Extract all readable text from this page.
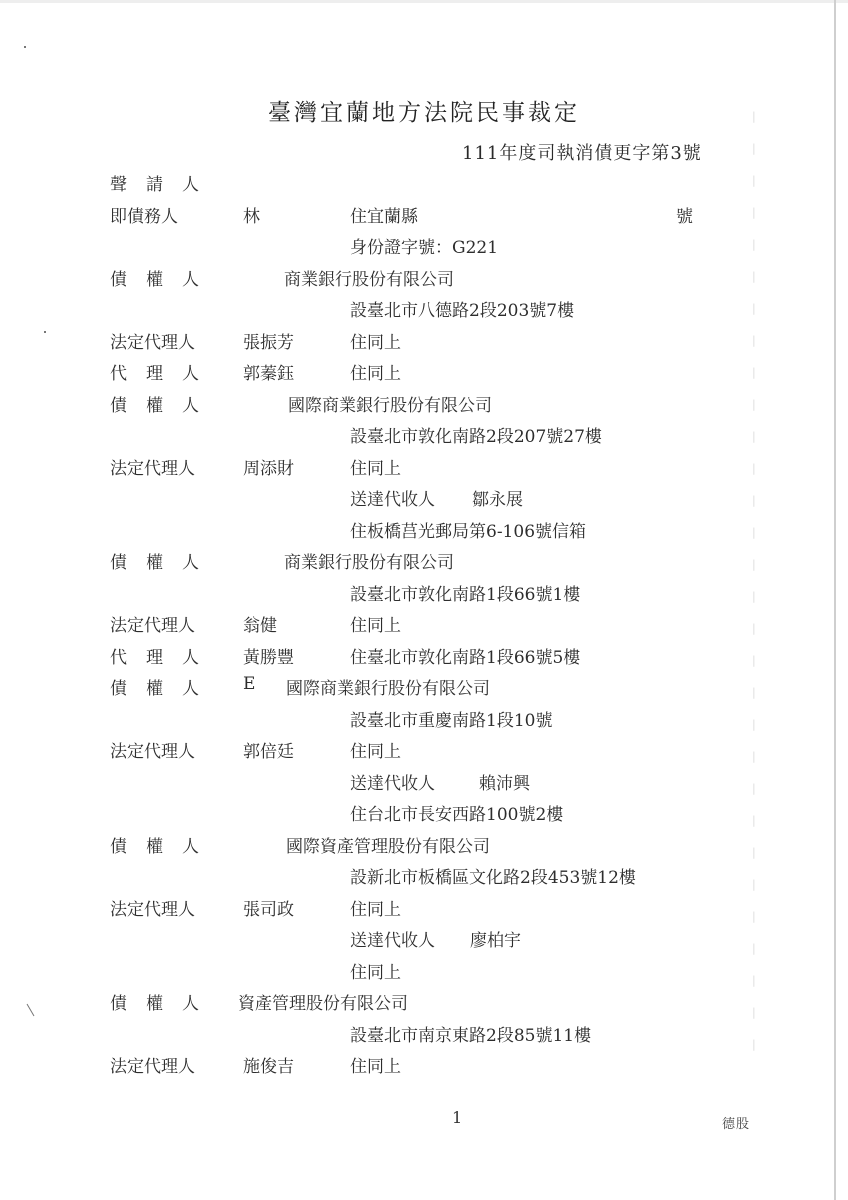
臺灣宜蘭地方法院民事裁定
111年度司執消債更字第3號
聲請人
即債務人	林	住宜蘭縣	號
身份證字號：G221
債權人	商業銀行股份有限公司
設臺北市八德路2段203號7樓
法定代理人	張振芳	住同上
代理人 郭蓁鈺	住同上
債權人	國際商業銀行股份有限公司
設臺北市敦化南路2段207號27樓
法定代理人	周添財	住同上
送達代收人 鄒永展
住板橋莒光郵局第6-106號信箱
債權人	商業銀行股份有限公司
設臺北市敦化南路1段66號1樓
法定代理人	翁健	住同上
代理人 黃勝豐	住臺北市敦化南路1段66號5樓
債權人 E 國際商業銀行股份有限公司
設臺北市重慶南路1段10號
法定代理人	郭倍廷	住同上
送達代收人	賴沛興
住台北市長安西路100號2樓
債權人	國際資產管理股份有限公司
設新北市板橋區文化路2段453號12樓
法定代理人	張司政	住同上
送達代收人 廖柏宇
住同上
債權人 資產管理股份有限公司
設臺北市南京東路2段85號11樓
法定代理人	施俊吉	住同上
|
|
|
|
|
|
|
|
|
|
|
|
|
|
|
|
|
|
|
|
|
|
|
|
|
|
|
|
|
|
1	德股
